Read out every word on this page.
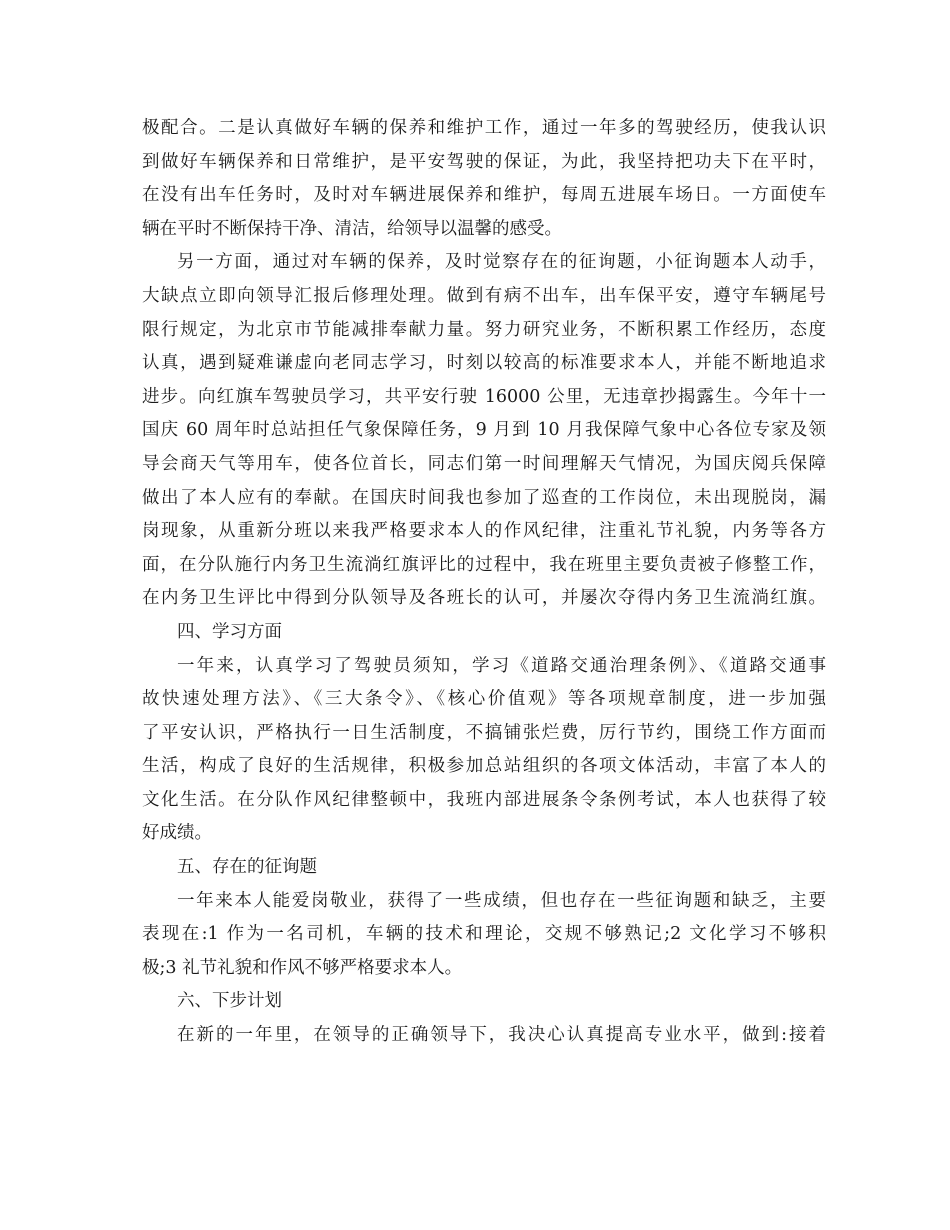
极配合。二是认真做好车辆的保养和维护工作，通过一年多的驾驶经历，使我认识
到做好车辆保养和日常维护，是平安驾驶的保证，为此，我坚持把功夫下在平时，
在没有出车任务时，及时对车辆进展保养和维护，每周五进展车场日。一方面使车
辆在平时不断保持干净、清洁，给领导以温馨的感受。
另一方面，通过对车辆的保养，及时觉察存在的征询题，小征询题本人动手，
大缺点立即向领导汇报后修理处理。做到有病不出车，出车保平安，遵守车辆尾号
限行规定，为北京市节能减排奉献力量。努力研究业务，不断积累工作经历，态度
认真，遇到疑难谦虚向老同志学习，时刻以较高的标准要求本人，并能不断地追求
进步。向红旗车驾驶员学习，共平安行驶 16000 公里，无违章抄揭露生。今年十一
国庆 60 周年时总站担任气象保障任务，9 月到 10 月我保障气象中心各位专家及领
导会商天气等用车，使各位首长，同志们第一时间理解天气情况，为国庆阅兵保障
做出了本人应有的奉献。在国庆时间我也参加了巡查的工作岗位，未出现脱岗，漏
岗现象，从重新分班以来我严格要求本人的作风纪律，注重礼节礼貌，内务等各方
面，在分队施行内务卫生流淌红旗评比的过程中，我在班里主要负责被子修整工作，
在内务卫生评比中得到分队领导及各班长的认可，并屡次夺得内务卫生流淌红旗。
四、学习方面
一年来，认真学习了驾驶员须知，学习《道路交通治理条例》、《道路交通事
故快速处理方法》、《三大条令》、《核心价值观》等各项规章制度，进一步加强
了平安认识，严格执行一日生活制度，不搞铺张烂费，厉行节约，围绕工作方面而
生活，构成了良好的生活规律，积极参加总站组织的各项文体活动，丰富了本人的
文化生活。在分队作风纪律整顿中，我班内部进展条令条例考试，本人也获得了较
好成绩。
五、存在的征询题
一年来本人能爱岗敬业，获得了一些成绩，但也存在一些征询题和缺乏，主要
表现在:1 作为一名司机，车辆的技术和理论，交规不够熟记;2 文化学习不够积
极;3 礼节礼貌和作风不够严格要求本人。
六、下步计划
在新的一年里，在领导的正确领导下，我决心认真提高专业水平，做到:接着
